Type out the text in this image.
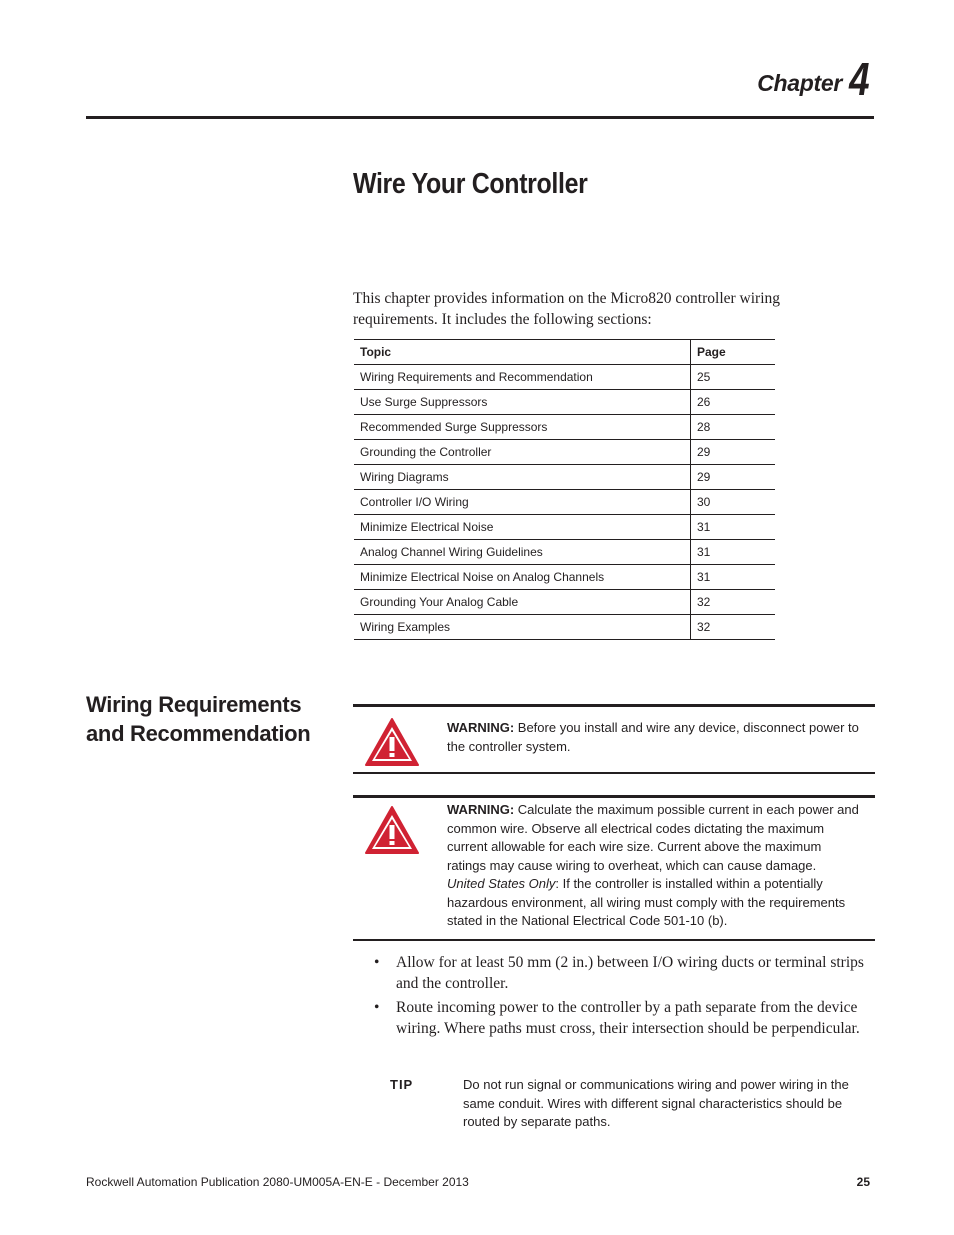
Chapter 4
Wire Your Controller
This chapter provides information on the Micro820 controller wiring requirements. It includes the following sections:
Topic	Page
Wiring Requirements and Recommendation	25
Use Surge Suppressors	26
Recommended Surge Suppressors	28
Grounding the Controller	29
Wiring Diagrams	29
Controller I/O Wiring	30
Minimize Electrical Noise	31
Analog Channel Wiring Guidelines	31
Minimize Electrical Noise on Analog Channels	31
Grounding Your Analog Cable	32
Wiring Examples	32
Wiring Requirements and Recommendation	WARNING: Before you install and wire any device, disconnect power to the controller system.
WARNING: Calculate the maximum possible current in each power and common wire. Observe all electrical codes dictating the maximum current allowable for each wire size. Current above the maximum ratings may cause wiring to overheat, which can cause damage.
United States Only: If the controller is installed within a potentially hazardous environment, all wiring must comply with the requirements stated in the National Electrical Code 501-10 (b).
• Allow for at least 50 mm (2 in.) between I/O wiring ducts or terminal strips and the controller.
• Route incoming power to the controller by a path separate from the device wiring. Where paths must cross, their intersection should be perpendicular.
TIP	Do not run signal or communications wiring and power wiring in the same conduit. Wires with different signal characteristics should be routed by separate paths.
Rockwell Automation Publication 2080-UM005A-EN-E - December 2013	25
